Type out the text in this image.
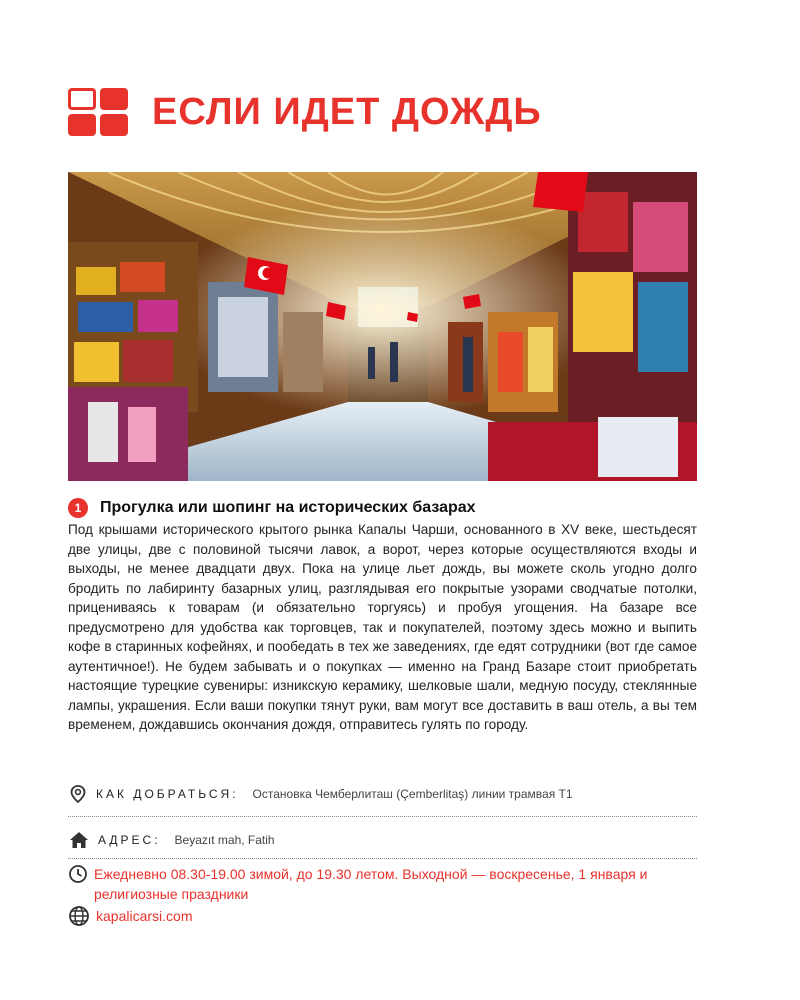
ЕСЛИ ИДЕТ ДОЖДЬ
1	Прогулка или шопинг на исторических базарах

Под крышами исторического крытого рынка Капалы Чарши, основанного в XV веке, шестьдесят две улицы, две с половиной тысячи лавок, а ворот, через которые осуществляются входы и выходы, не менее двадцати двух. Пока на улице льет дождь, вы можете сколь угодно долго бродить по лабиринту базарных улиц, разглядывая его покрытые узорами сводчатые потолки, прицениваясь к товарам (и обязательно торгуясь) и пробуя угощения. На базаре все предусмотрено для удобства как торговцев, так и покупателей, поэтому здесь можно и выпить кофе в старинных кофейнях, и пообедать в тех же заведениях, где едят сотрудники (вот где самое аутентичное!). Не будем забывать и о покупках — именно на Гранд Базаре стоит приобретать настоящие турецкие сувениры: изникскую керамику, шелковые шали, медную посуду, стеклянные лампы, украшения. Если ваши покупки тянут руки, вам могут все доставить в ваш отель, а вы тем временем, дождавшись окончания дождя, отправитесь гулять по городу.

КАК ДОБРАТЬСЯ: Остановка Чемберлиташ (Çemberlitaş) линии трамвая Т1
АДРЕС: Beyazıt mah, Fatih
Ежедневно 08.30-19.00 зимой, до 19.30 летом. Выходной — воскресенье, 1 января и религиозные праздники
kapalicarsi.com
